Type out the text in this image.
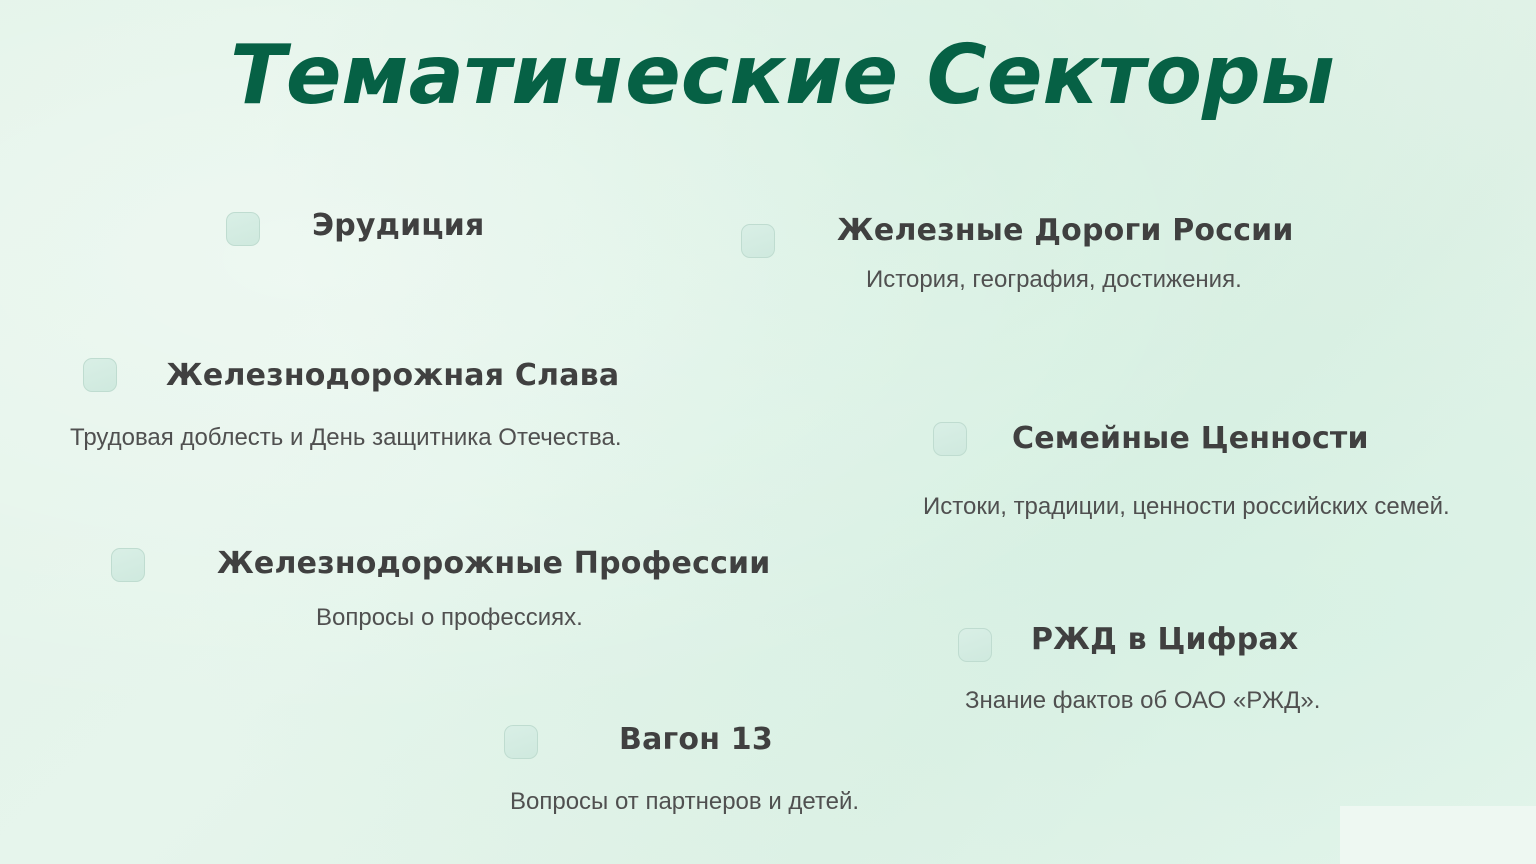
Тематические Секторы
Эрудиция	Железные Дороги России
История, география, достижения.
Железнодорожная Слава
Трудовая доблесть и День защитника Отечества.	Семейные Ценности
Истоки, традиции, ценности российских семей.
Железнодорожные Профессии
Вопросы о профессиях.
РЖД в Цифрах
Знание фактов об ОАО «РЖД».
Вагон 13
Вопросы от партнеров и детей.
